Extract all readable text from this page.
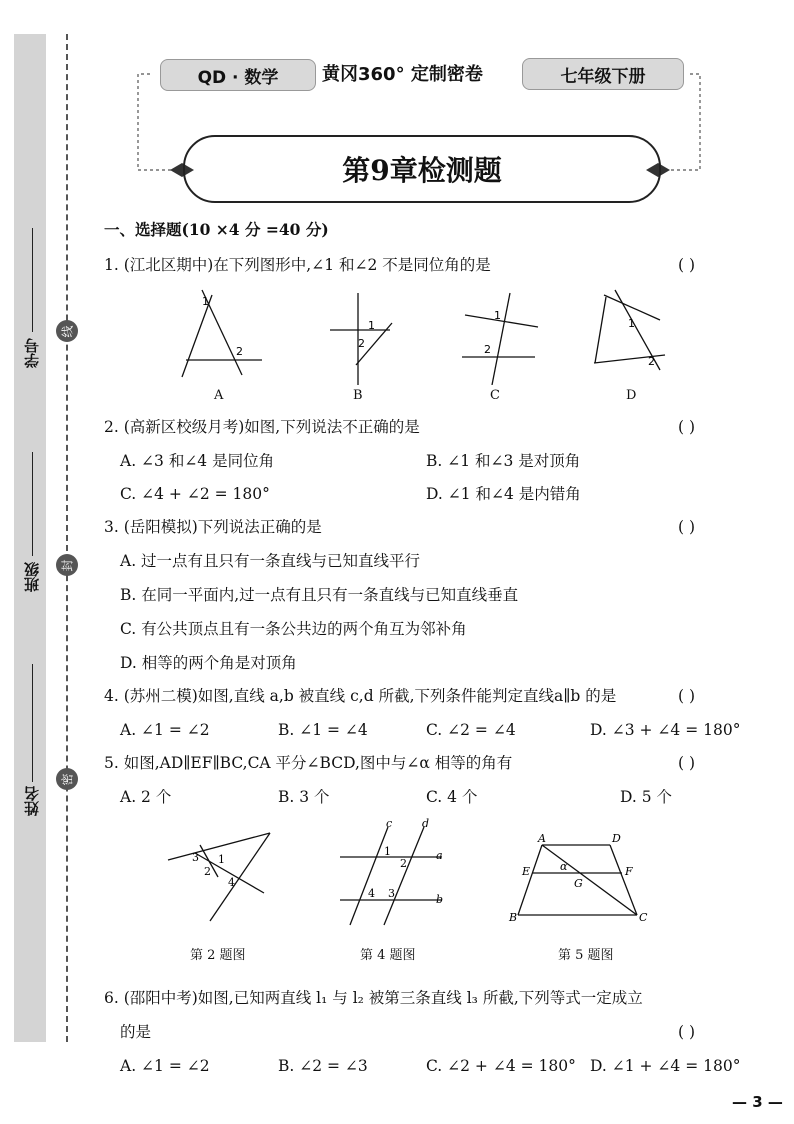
学号
班级
姓名
线
封
密
QD · 数学	黄冈360° 定制密卷	七年级下册
第9章检测题
一、选择题(10 ×4 分 =40 分)
1. (江北区期中)在下列图形中,∠1 和∠2 不是同位角的是	( )
1
2
1
2
1
2
1
2
A	B	C	D
2. (高新区校级月考)如图,下列说法不正确的是	( )
A. ∠3 和∠4 是同位角	B. ∠1 和∠3 是对顶角
C. ∠4 + ∠2 = 180°	D. ∠1 和∠4 是内错角
3. (岳阳模拟)下列说法正确的是	( )
A. 过一点有且只有一条直线与已知直线平行
B. 在同一平面内,过一点有且只有一条直线与已知直线垂直
C. 有公共顶点且有一条公共边的两个角互为邻补角
D. 相等的两个角是对顶角
4. (苏州二模)如图,直线 a,b 被直线 c,d 所截,下列条件能判定直线a∥b 的是	( )
A. ∠1 = ∠2	B. ∠1 = ∠4	C. ∠2 = ∠4	D. ∠3 + ∠4 = 180°
5. 如图,AD∥EF∥BC,CA 平分∠BCD,图中与∠α 相等的角有	( )
A. 2 个	B. 3 个	C. 4 个	D. 5 个
3 1
2
4
c	d
1
2
a
4 3	b
A	D
α
E	F
G
B	C
第 2 题图	第 4 题图	第 5 题图
6. (邵阳中考)如图,已知两直线 l₁ 与 l₂ 被第三条直线 l₃ 所截,下列等式一定成立
的是	( )
A. ∠1 = ∠2	B. ∠2 = ∠3	C. ∠2 + ∠4 = 180° D. ∠1 + ∠4 = 180°
— 3 —
